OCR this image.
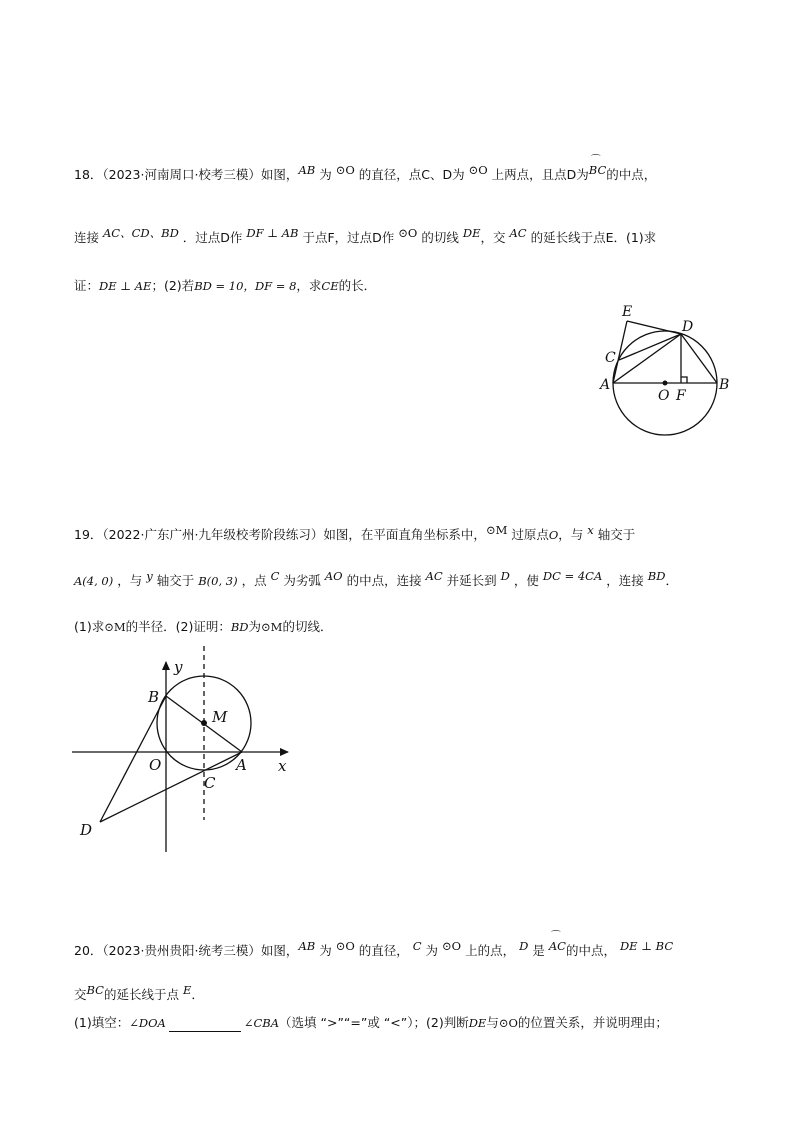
18．（2023·河南周口·校考三模）如图，AB 为 ⊙O 的直径，点C、D为 ⊙O 上两点，且点D为
⌒
BC的中点，
连接 AC、CD、BD ．过点D作 DF ⊥ AB 于点F，过点D作 ⊙O 的切线 DE，交 AC 的延长线于点E．(1)求
证：DE ⊥ AE；(2)若BD = 10，DF = 8，求CE的长．
E
D
C
A
O F
B
19．（2022·广东广州·九年级校考阶段练习）如图，在平面直角坐标系中，⊙M 过原点O，与 x 轴交于
A(4, 0) ，与 y 轴交于 B(0, 3) ，点 C 为劣弧 AO 的中点，连接 AC 并延长到 D ，使 DC = 4CA ，连接 BD．
(1)求⊙M的半径．(2)证明：BD为⊙M的切线．
y
x
B
M
O	A
C
D
20．（2023·贵州贵阳·统考三模）如图，AB 为 ⊙O 的直径， C 为 ⊙O 上的点， D 是
⌒
AC的中点， DE ⊥ BC
交BC的延长线于点 E．
(1)填空：∠DOA	∠CBA（选填 “>”“=”或 “<”）；(2)判断DE与⊙O的位置关系，并说明理由；
